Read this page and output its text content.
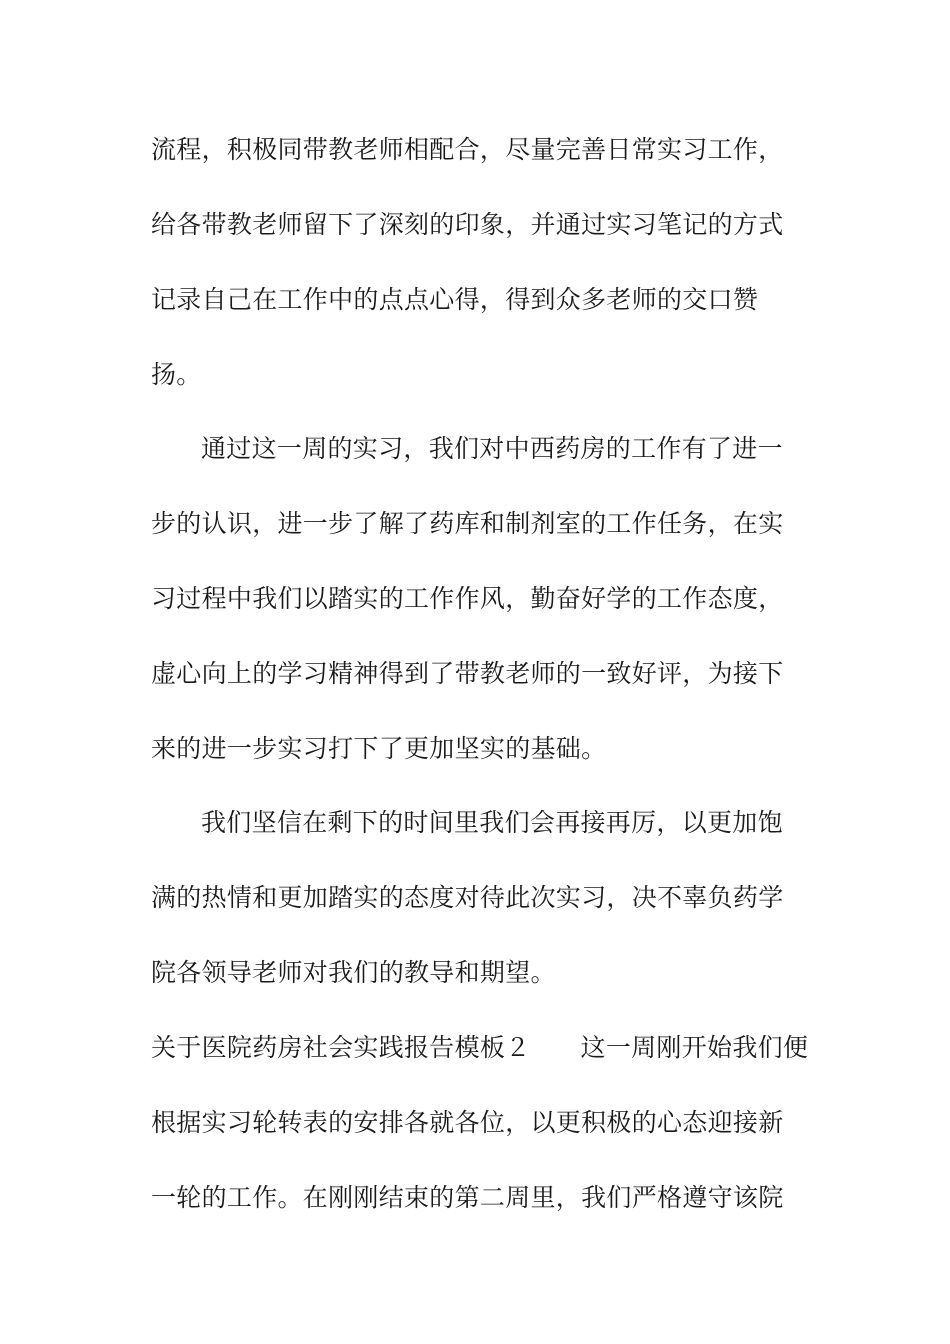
流程，积极同带教老师相配合，尽量完善日常实习工作，
给各带教老师留下了深刻的印象，并通过实习笔记的方式
记录自己在工作中的点点心得，得到众多老师的交口赞
扬。
通过这一周的实习，我们对中西药房的工作有了进一
步的认识，进一步了解了药库和制剂室的工作任务，在实
习过程中我们以踏实的工作作风，勤奋好学的工作态度，
虚心向上的学习精神得到了带教老师的一致好评，为接下
来的进一步实习打下了更加坚实的基础。
我们坚信在剩下的时间里我们会再接再厉，以更加饱
满的热情和更加踏实的态度对待此次实习，决不辜负药学
院各领导老师对我们的教导和期望。
关于医院药房社会实践报告模板２ 这一周刚开始我们便
根据实习轮转表的安排各就各位，以更积极的心态迎接新
一轮的工作。在刚刚结束的第二周里，我们严格遵守该院
